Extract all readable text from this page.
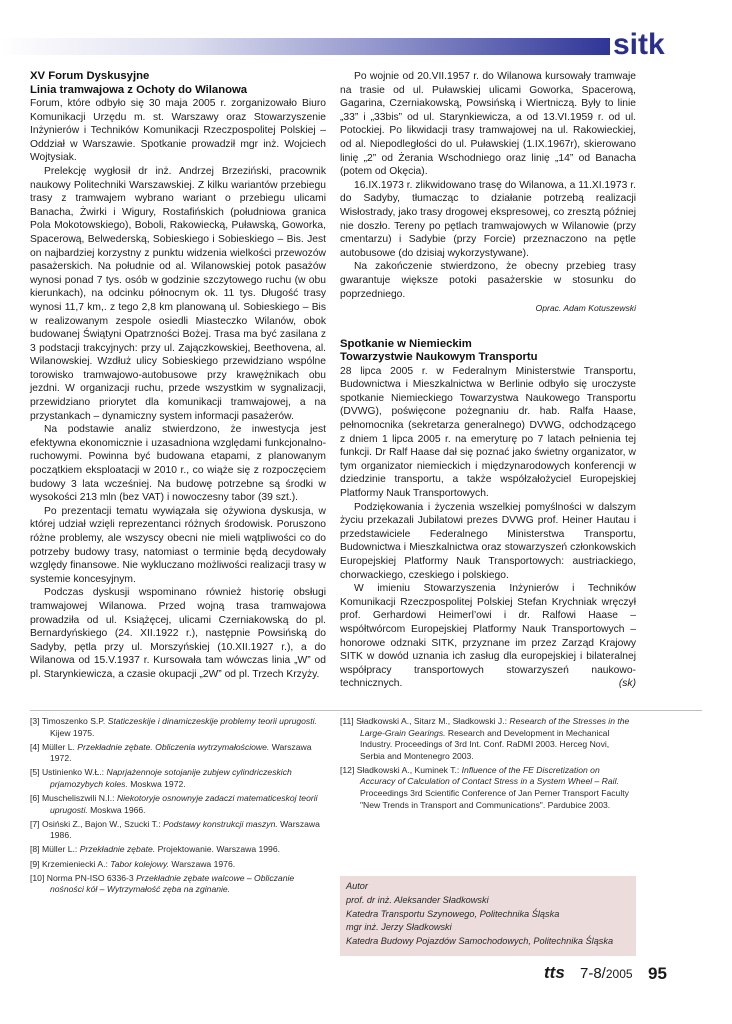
sitk
XV Forum Dyskusyjne
Linia tramwajowa z Ochoty do Wilanowa

Forum, które odbyło się 30 maja 2005 r. zorganizowało Biuro Komunikacji Urzędu m. st. Warszawy oraz Stowarzyszenie Inżynierów i Techników Komunikacji Rzeczpospolitej Polskiej – Oddział w Warszawie. Spotkanie prowadził mgr inż. Wojciech Wojtysiak.

Prelekcję wygłosił dr inż. Andrzej Brzeziński, pracownik naukowy Politechniki Warszawskiej. Z kilku wariantów przebiegu trasy z tramwajem wybrano wariant o przebiegu ulicami Banacha, Żwirki i Wigury, Rostafińskich (południowa granica Pola Mokotowskiego), Boboli, Rakowiecką, Puławską, Goworka, Spacerową, Belwederską, Sobieskiego i Sobieskiego – Bis. Jest on najbardziej korzystny z punktu widzenia wielkości przewozów pasażerskich. Na południe od al. Wilanowskiej potok pasażów wynosi ponad 7 tys. osób w godzinie szczytowego ruchu (w obu kierunkach), na odcinku północnym ok. 11 tys. Długość trasy wynosi 11,7 km,. z tego 2,8 km planowaną ul. Sobieskiego – Bis w realizowanym zespole osiedli Miasteczko Wilanów, obok budowanej Świątyni Opatrzności Bożej. Trasa ma być zasilana z 3 podstacji trakcyjnych: przy ul. Zajączkowskiej, Beethovena, al. Wilanowskiej. Wzdłuż ulicy Sobieskiego przewidziano wspólne torowisko tramwajowo-autobusowe przy krawężnikach obu jezdni. W organizacji ruchu, przede wszystkim w sygnalizacji, przewidziano priorytet dla komunikacji tramwajowej, a na przystankach – dynamiczny system informacji pasażerów.

Na podstawie analiz stwierdzono, że inwestycja jest efektywna ekonomicznie i uzasadniona względami funkcjonalno-ruchowymi. Powinna być budowana etapami, z planowanym początkiem eksploatacji w 2010 r., co wiąże się z rozpoczęciem budowy 3 lata wcześniej. Na budowę potrzebne są środki w wysokości 213 mln (bez VAT) i nowoczesny tabor (39 szt.).

Po prezentacji tematu wywiązała się ożywiona dyskusja, w której udział wzięli reprezentanci różnych środowisk. Poruszono różne problemy, ale wszyscy obecni nie mieli wątpliwości co do potrzeby budowy trasy, natomiast o terminie będą decydowały względy finansowe. Nie wykluczano możliwości realizacji trasy w systemie koncesyjnym.

Podczas dyskusji wspominano również historię obsługi tramwajowej Wilanowa. Przed wojną trasa tramwajowa prowadziła od ul. Książęcej, ulicami Czerniakowską do pl. Bernardyńskiego (24. XII.1922 r.), następnie Powsińską do Sadyby, pętla przy ul. Morszyńskiej (10.XII.1927 r.), a do Wilanowa od 15.V.1937 r. Kursowała tam wówczas linia „W” od pl. Starynkiewicza, a czasie okupacji „2W” od pl. Trzech Krzyży.

Po wojnie od 20.VII.1957 r. do Wilanowa kursowały tramwaje na trasie od ul. Puławskiej ulicami Goworka, Spacerową, Gagarina, Czerniakowską, Powsińską i Wiertniczą. Były to linie „33” i „33bis” od ul. Starynkiewicza, a od 13.VI.1959 r. od ul. Potockiej. Po likwidacji trasy tramwajowej na ul. Rakowieckiej, od al. Niepodległości do ul. Puławskiej (1.IX.1967r), skierowano linię „2” od Żerania Wschodniego oraz linię „14” od Banacha (potem od Okęcia).

16.IX.1973 r. zlikwidowano trasę do Wilanowa, a 11.XI.1973 r. do Sadyby, tłumacząc to działanie potrzebą realizacji Wisłostrady, jako trasy drogowej ekspresowej, co zresztą później nie doszło. Tereny po pętlach tramwajowych w Wilanowie (przy cmentarzu) i Sadybie (przy Forcie) przeznaczono na pętle autobusowe (do dzisiaj wykorzystywane).

Na zakończenie stwierdzono, że obecny przebieg trasy gwarantuje większe potoki pasażerskie w stosunku do poprzedniego.

Oprac. Adam Kotuszewski

Spotkanie w Niemieckim
Towarzystwie Naukowym Transportu

28 lipca 2005 r. w Federalnym Ministerstwie Transportu, Budownictwa i Mieszkalnictwa w Berlinie odbyło się uroczyste spotkanie Niemieckiego Towarzystwa Naukowego Transportu (DVWG), poświęcone pożegnaniu dr. hab. Ralfa Haase, pełnomocnika (sekretarza generalnego) DVWG, odchodzącego z dniem 1 lipca 2005 r. na emeryturę po 7 latach pełnienia tej funkcji. Dr Ralf Haase dał się poznać jako świetny organizator, w tym organizator niemieckich i międzynarodowych konferencji w dziedzinie transportu, a także współzałożyciel Europejskiej Platformy Nauk Transportowych.

Podziękowania i życzenia wszelkiej pomyślności w dalszym życiu przekazali Jubilatowi prezes DVWG prof. Heiner Hautau i przedstawiciele Federalnego Ministerstwa Transportu, Budownictwa i Mieszkalnictwa oraz stowarzyszeń członkowskich Europejskiej Platformy Nauk Transportowych: austriackiego, chorwackiego, czeskiego i polskiego.

W imieniu Stowarzyszenia Inżynierów i Techników Komunikacji Rzeczpospolitej Polskiej Stefan Krychniak wręczył prof. Gerhardowi Heimerl’owi i dr. Ralfowi Haase – współtwórcom Europejskiej Platformy Nauk Transportowych – honorowe odznaki SITK, przyznane im przez Zarząd Krajowy SITK w dowód uznania ich zasług dla europejskiej i bilateralnej współpracy transportowych stowarzyszeń naukowo-technicznych.	(sk)

[3] Timoszenko S.P. Staticzeskije i dinamiczeskije problemy teorii uprugosti. Kijew 1975.

[4] Müller L. Przekładnie zębate. Obliczenia wytrzymałościowe. Warszawa 1972.

[5] Ustinienko W.Ł.: Naprjażennoje sotojanije zubjew cylindriczeskich prjamozybych koles. Moskwa 1972.

[6] Muscheliszwili N.I.: Niekotoryje osnownyje zadaczi matematiceskoj teorii uprugosti. Moskwa 1966.

[7] Osiński Z., Bajon W., Szucki T.: Podstawy konstrukcji maszyn. Warszawa 1986.

[8] Müller L.: Przekładnie zębate. Projektowanie. Warszawa 1996.

[9] Krzemieniecki A.: Tabor kolejowy. Warszawa 1976.

[10] Norma PN-ISO 6336-3 Przekładnie zębate walcowe – Obliczanie nośności kół – Wytrzymałość zęba na zginanie.

[11] Sładkowski A., Sitarz M., Sładkowski J.: Research of the Stresses in the Large-Grain Gearings. Research and Development in Mechanical Industry. Proceedings of 3rd Int. Conf. RaDMI 2003. Herceg Novi, Serbia and Montenegro 2003.

[12] Sładkowski A., Kuminek T.: Influence of the FE Discretization on Accuracy of Calculation of Contact Stress in a System Wheel – Rail. Proceedings 3rd Scientific Conference of Jan Perner Transport Faculty "New Trends in Transport and Communications". Pardubice 2003.

Autor
prof. dr inż. Aleksander Sładkowski
Katedra Transportu Szynowego, Politechnika Śląska
mgr inż. Jerzy Sładkowski
Katedra Budowy Pojazdów Samochodowych, Politechnika Śląska
tts 7-8/2005 95
